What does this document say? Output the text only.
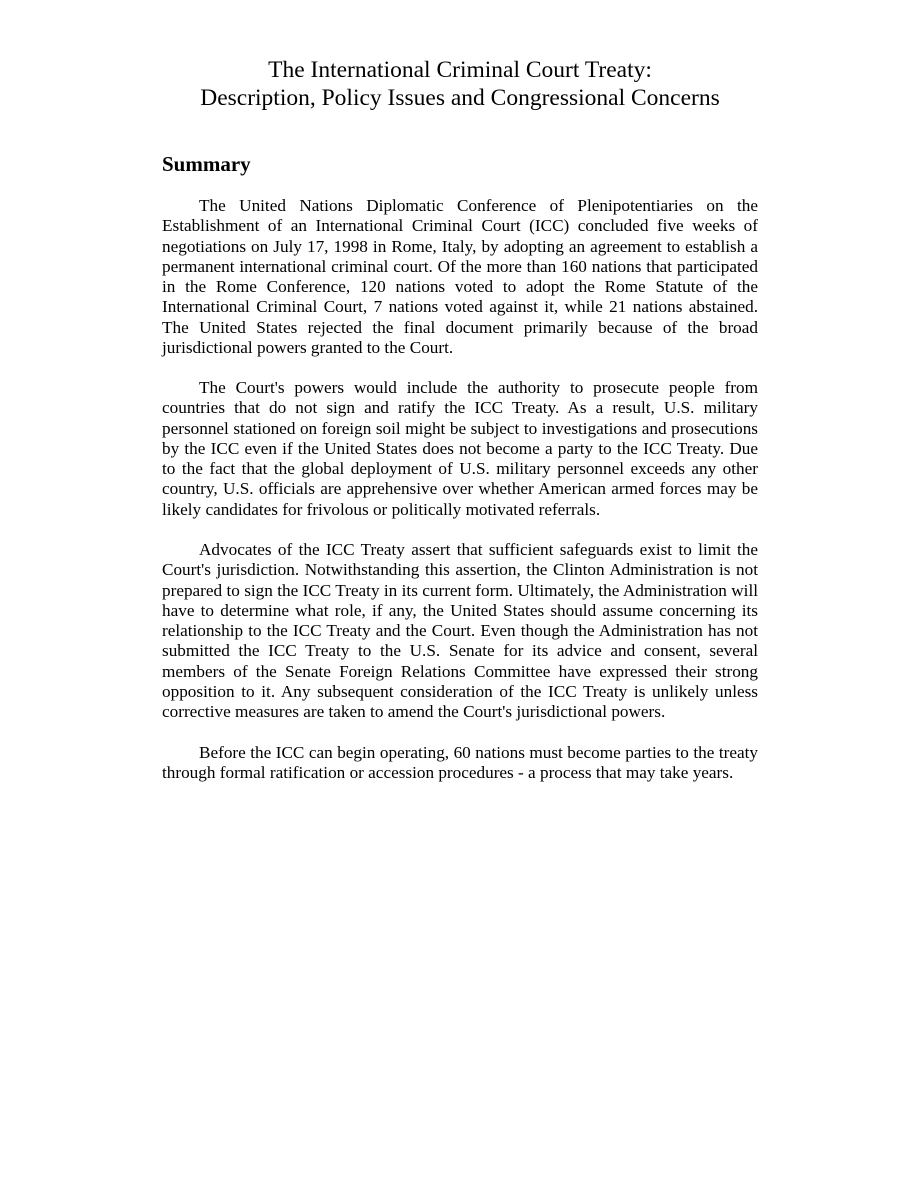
The International Criminal Court Treaty:
Description, Policy Issues and Congressional Concerns
Summary

The United Nations Diplomatic Conference of Plenipotentiaries on the Establishment of an International Criminal Court (ICC) concluded five weeks of negotiations on July 17, 1998 in Rome, Italy, by adopting an agreement to establish a permanent international criminal court. Of the more than 160 nations that participated in the Rome Conference, 120 nations voted to adopt the Rome Statute of the International Criminal Court, 7 nations voted against it, while 21 nations abstained. The United States rejected the final document primarily because of the broad jurisdictional powers granted to the Court.

The Court's powers would include the authority to prosecute people from countries that do not sign and ratify the ICC Treaty. As a result, U.S. military personnel stationed on foreign soil might be subject to investigations and prosecutions by the ICC even if the United States does not become a party to the ICC Treaty. Due to the fact that the global deployment of U.S. military personnel exceeds any other country, U.S. officials are apprehensive over whether American armed forces may be likely candidates for frivolous or politically motivated referrals.

Advocates of the ICC Treaty assert that sufficient safeguards exist to limit the Court's jurisdiction. Notwithstanding this assertion, the Clinton Administration is not prepared to sign the ICC Treaty in its current form. Ultimately, the Administration will have to determine what role, if any, the United States should assume concerning its relationship to the ICC Treaty and the Court. Even though the Administration has not submitted the ICC Treaty to the U.S. Senate for its advice and consent, several members of the Senate Foreign Relations Committee have expressed their strong opposition to it. Any subsequent consideration of the ICC Treaty is unlikely unless corrective measures are taken to amend the Court's jurisdictional powers.

Before the ICC can begin operating, 60 nations must become parties to the treaty through formal ratification or accession procedures - a process that may take years.
